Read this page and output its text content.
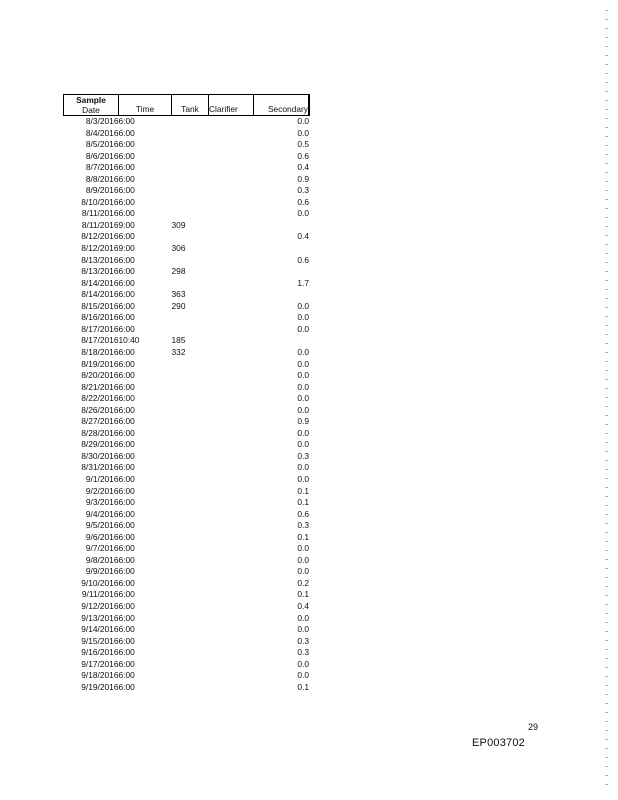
Sample
Date	Time	Tank	Clarifier	Secondary
8/3/2016	6:00			0.0
8/4/2016	6:00			0.0
8/5/2016	6:00			0.5
8/6/2016	6:00			0.6
8/7/2016	6:00			0.4
8/8/2016	6:00			0.9
8/9/2016	6:00			0.3
8/10/2016	6:00			0.6
8/11/2016	6:00			0.0
8/11/2016	9:00	309		
8/12/2016	6:00			0.4
8/12/2016	9:00	306		
8/13/2016	6:00			0.6
8/13/2016	6:00	298		
8/14/2016	6:00			1.7
8/14/2016	6:00	363		
8/15/2016	6:00	290		0.0
8/16/2016	6:00			0.0
8/17/2016	6:00			0.0
8/17/2016	10:40	185		
8/18/2016	6:00	332		0.0
8/19/2016	6:00			0.0
8/20/2016	6:00			0.0
8/21/2016	6:00			0.0
8/22/2016	6:00			0.0
8/26/2016	6:00			0.0
8/27/2016	6:00			0.9
8/28/2016	6:00			0.0
8/29/2016	6:00			0.0
8/30/2016	6:00			0.3
8/31/2016	6:00			0.0
9/1/2016	6:00			0.0
9/2/2016	6:00			0.1
9/3/2016	6:00			0.1
9/4/2016	6:00			0.6
9/5/2016	6:00			0.3
9/6/2016	6:00			0.1
9/7/2016	6:00			0.0
9/8/2016	6:00			0.0
9/9/2016	6:00			0.0
9/10/2016	6:00			0.2
9/11/2016	6:00			0.1
9/12/2016	6:00			0.4
9/13/2016	6:00			0.0
9/14/2016	6:00			0.0
9/15/2016	6:00			0.3
9/16/2016	6:00			0.3
9/17/2016	6:00			0.0
9/18/2016	6:00			0.0
9/19/2016	6:00			0.1
29
EP003702
